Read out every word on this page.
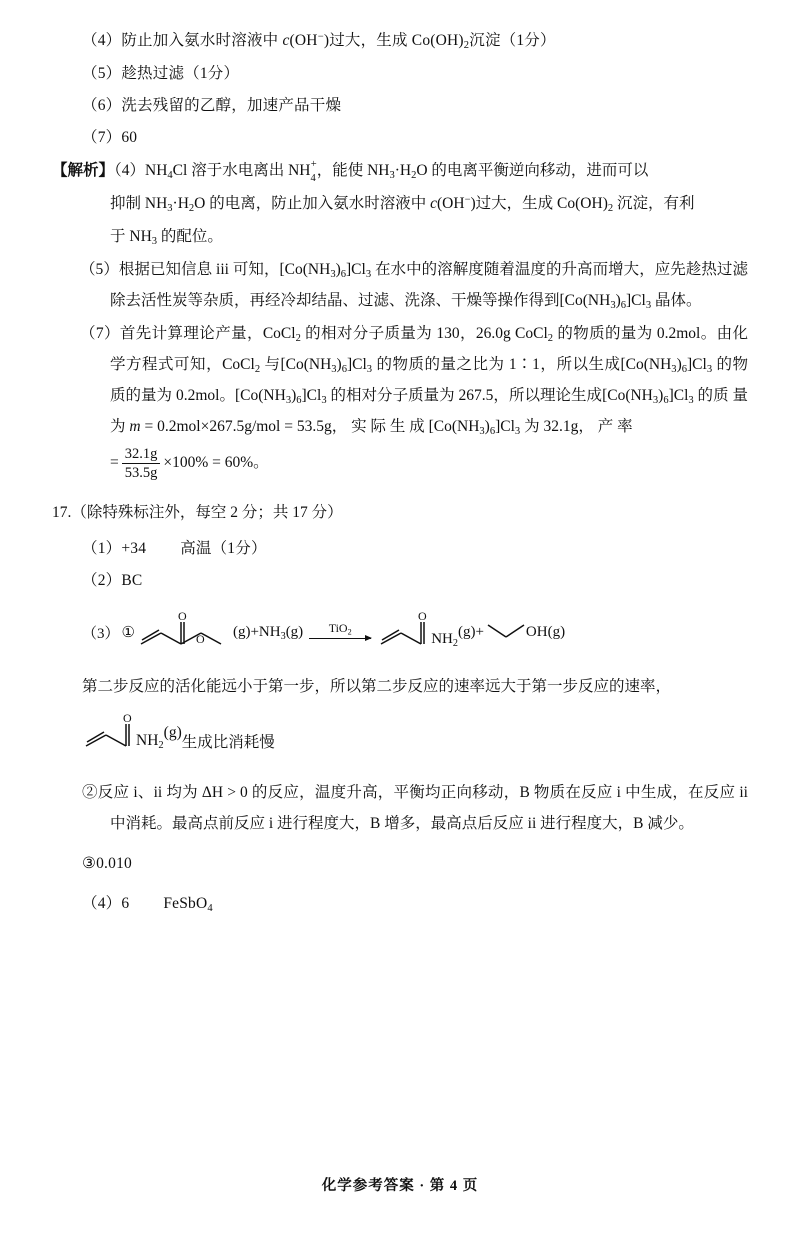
（4）防止加入氨水时溶液中 c(OH−)过大，生成 $Co(OH)_2$沉淀（1分）
（5）趁热过滤（1分）
（6）洗去残留的乙醇，加速产品干燥
（7）60
【解析】$(4)NH_4Cl$ 溶于水电离出 $NH_4^+$，能使 $NH_3\cdot H_2O$ 的电离平衡逆向移动，进而可以
抑制 $NH_3\cdot H_2O$ 的电离，防止加入氨水时溶液中 c(OH−)过大，生成 $Co(OH)_2$ 沉淀，有利
于 $NH_3$ 的配位。
（5）根据已知信息 iii 可知，$[Co(NH_3)_6]Cl_3$ 在水中的溶解度随着温度的升高而增大，应先趁热过滤除去活性炭等杂质，再经冷却结晶、过滤、洗涤、干燥等操作得到$[Co(NH_3)_6]Cl_3$ 晶体。
（7）首先计算理论产量，CoCl$_2$ 的相对分子质量为 130，26.0g CoCl$_2$ 的物质的量为 0.2mol。由化学方程式可知，CoCl$_2$ 与$[Co(NH_3)_6]Cl_3$ 的物质的量之比为 1∶1，所以生成$[Co(NH_3)_6]Cl_3$ 的物质的量为 0.2mol。$[Co(NH_3)_6]Cl_3$ 的相对分子质量为 267.5，所以理论生成$[Co(NH_3)_6]Cl_3$ 的质 量 为 m = 0.2mol×267.5g/mol = 53.5g， 实 际 生 成 $[Co(NH_3)_6]Cl_3$ 为 32.1g， 产 率
= $\frac{32.1g}{53.5g} \times 100\% = 60\%$。
17.（除特殊标注外，每空 2 分；共 17 分）
（1）+34 高温（1分）
（2）BC
（3） ①
O
O $(g)+NH_3(g)$ TiO$_2$
O
$NH_2$
(g)+	OH(g)
第二步反应的活化能远小于第一步，所以第二步反应的速率远大于第一步反应的速率，
O
$NH_2$
(g)
生成比消耗慢
②反应 i、ii 均为 ΔH > 0 的反应，温度升高，平衡均正向移动，B 物质在反应 i 中生成，在反应 ii 中消耗。最高点前反应 i 进行程度大，B 增多，最高点后反应 ii 进行程度大，B 减少。
③0.010
（4）6 FeSbO$_4$
化学参考答案 · 第 4 页
